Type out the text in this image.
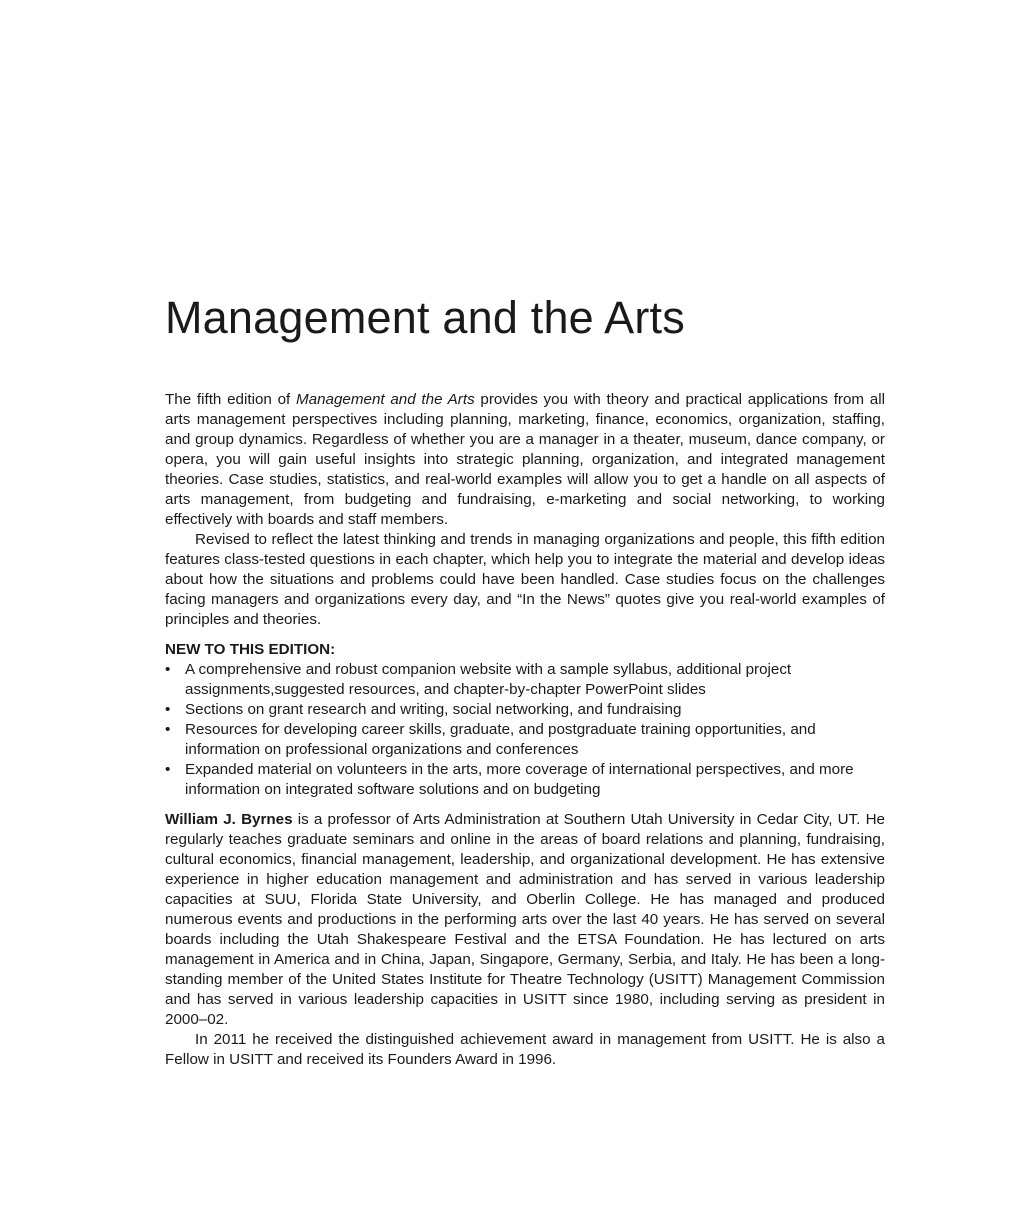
Management and the Arts

The fifth edition of Management and the Arts provides you with theory and practical applications from all arts management perspectives including planning, marketing, finance, economics, organization, staffing, and group dynamics. Regardless of whether you are a manager in a theater, museum, dance company, or opera, you will gain useful insights into strategic planning, organization, and integrated management theories. Case studies, statistics, and real-world examples will allow you to get a handle on all aspects of arts management, from budgeting and fundraising, e-marketing and social networking, to working effectively with boards and staff members.

Revised to reflect the latest thinking and trends in managing organizations and people, this fifth edition features class-tested questions in each chapter, which help you to integrate the material and develop ideas about how the situations and problems could have been handled. Case studies focus on the challenges facing managers and organizations every day, and “In the News” quotes give you real-world examples of principles and theories.

NEW TO THIS EDITION:
• A comprehensive and robust companion website with a sample syllabus, additional project assignments,suggested resources, and chapter-by-chapter PowerPoint slides
• Sections on grant research and writing, social networking, and fundraising
• Resources for developing career skills, graduate, and postgraduate training opportunities, and information on professional organizations and conferences
• Expanded material on volunteers in the arts, more coverage of international perspectives, and more information on integrated software solutions and on budgeting

William J. Byrnes is a professor of Arts Administration at Southern Utah University in Cedar City, UT. He regularly teaches graduate seminars and online in the areas of board relations and planning, fundraising, cultural economics, financial management, leadership, and organizational development. He has extensive experience in higher education management and administration and has served in various leadership capacities at SUU, Florida State University, and Oberlin College. He has managed and produced numerous events and productions in the performing arts over the last 40 years. He has served on several boards including the Utah Shakespeare Festival and the ETSA Foundation. He has lectured on arts management in America and in China, Japan, Singapore, Germany, Serbia, and Italy. He has been a long-standing member of the United States Institute for Theatre Technology (USITT) Management Commission and has served in various leadership capacities in USITT since 1980, including serving as president in 2000–02.

In 2011 he received the distinguished achievement award in management from USITT. He is also a Fellow in USITT and received its Founders Award in 1996.
